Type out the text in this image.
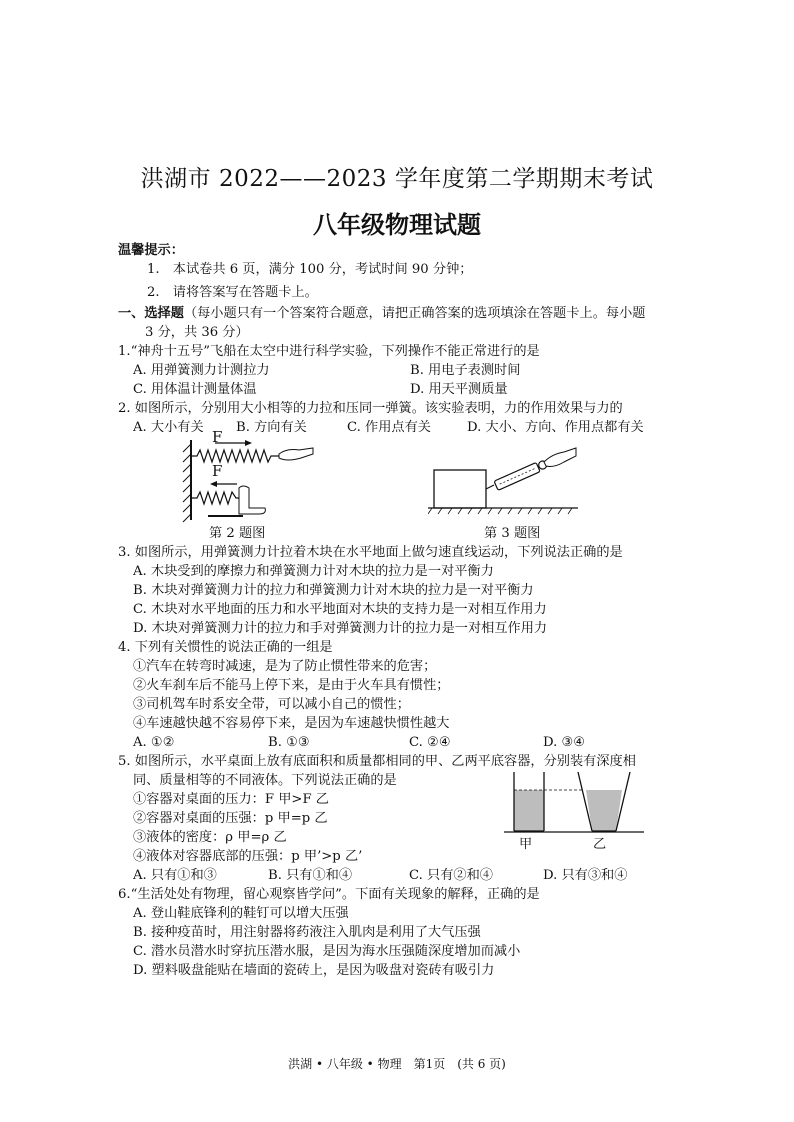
洪湖市 2022——2023 学年度第二学期期末考试
八年级物理试题
温馨提示：
1.　本试卷共 6 页，满分 100 分，考试时间 90 分钟；
2.　请将答案写在答题卡上。
一、选择题（每小题只有一个答案符合题意，请把正确答案的选项填涂在答题卡上。每小题
3 分，共 36 分）
1.“神舟十五号”飞船在太空中进行科学实验，下列操作不能正常进行的是
A. 用弹簧测力计测拉力	B. 用电子表测时间
C. 用体温计测量体温	D. 用天平测质量
2. 如图所示，分别用大小相等的力拉和压同一弹簧。该实验表明，力的作用效果与力的
A. 大小有关 B. 方向有关	C. 作用点有关	D. 大小、方向、作用点都有关
F
F
第 2 题图	第 3 题图
3. 如图所示，用弹簧测力计拉着木块在水平地面上做匀速直线运动，下列说法正确的是
A. 木块受到的摩擦力和弹簧测力计对木块的拉力是一对平衡力
B. 木块对弹簧测力计的拉力和弹簧测力计对木块的拉力是一对平衡力
C. 木块对水平地面的压力和水平地面对木块的支持力是一对相互作用力
D. 木块对弹簧测力计的拉力和手对弹簧测力计的拉力是一对相互作用力
4. 下列有关惯性的说法正确的一组是
①汽车在转弯时减速，是为了防止惯性带来的危害；
②火车刹车后不能马上停下来，是由于火车具有惯性；
③司机驾车时系安全带，可以减小自己的惯性；
④车速越快越不容易停下来，是因为车速越快惯性越大
A. ①②	B. ①③	C. ②④	D. ③④
5. 如图所示，水平桌面上放有底面积和质量都相同的甲、乙两平底容器，分别装有深度相
同、质量相等的不同液体。下列说法正确的是
①容器对桌面的压力：F 甲>F 乙
②容器对桌面的压强：p 甲=p 乙
③液体的密度：ρ 甲=ρ 乙
④液体对容器底部的压强：p 甲’>p 乙’
甲	乙
A. 只有①和③	B. 只有①和④	C. 只有②和④	D. 只有③和④
6.“生活处处有物理，留心观察皆学问”。下面有关现象的解释，正确的是
A. 登山鞋底锋利的鞋钉可以增大压强
B. 接种疫苗时，用注射器将药液注入肌肉是利用了大气压强
C. 潜水员潜水时穿抗压潜水服，是因为海水压强随深度增加而减小
D. 塑料吸盘能贴在墙面的瓷砖上，是因为吸盘对瓷砖有吸引力
洪湖 • 八年级 • 物理　第1页　(共 6 页)
